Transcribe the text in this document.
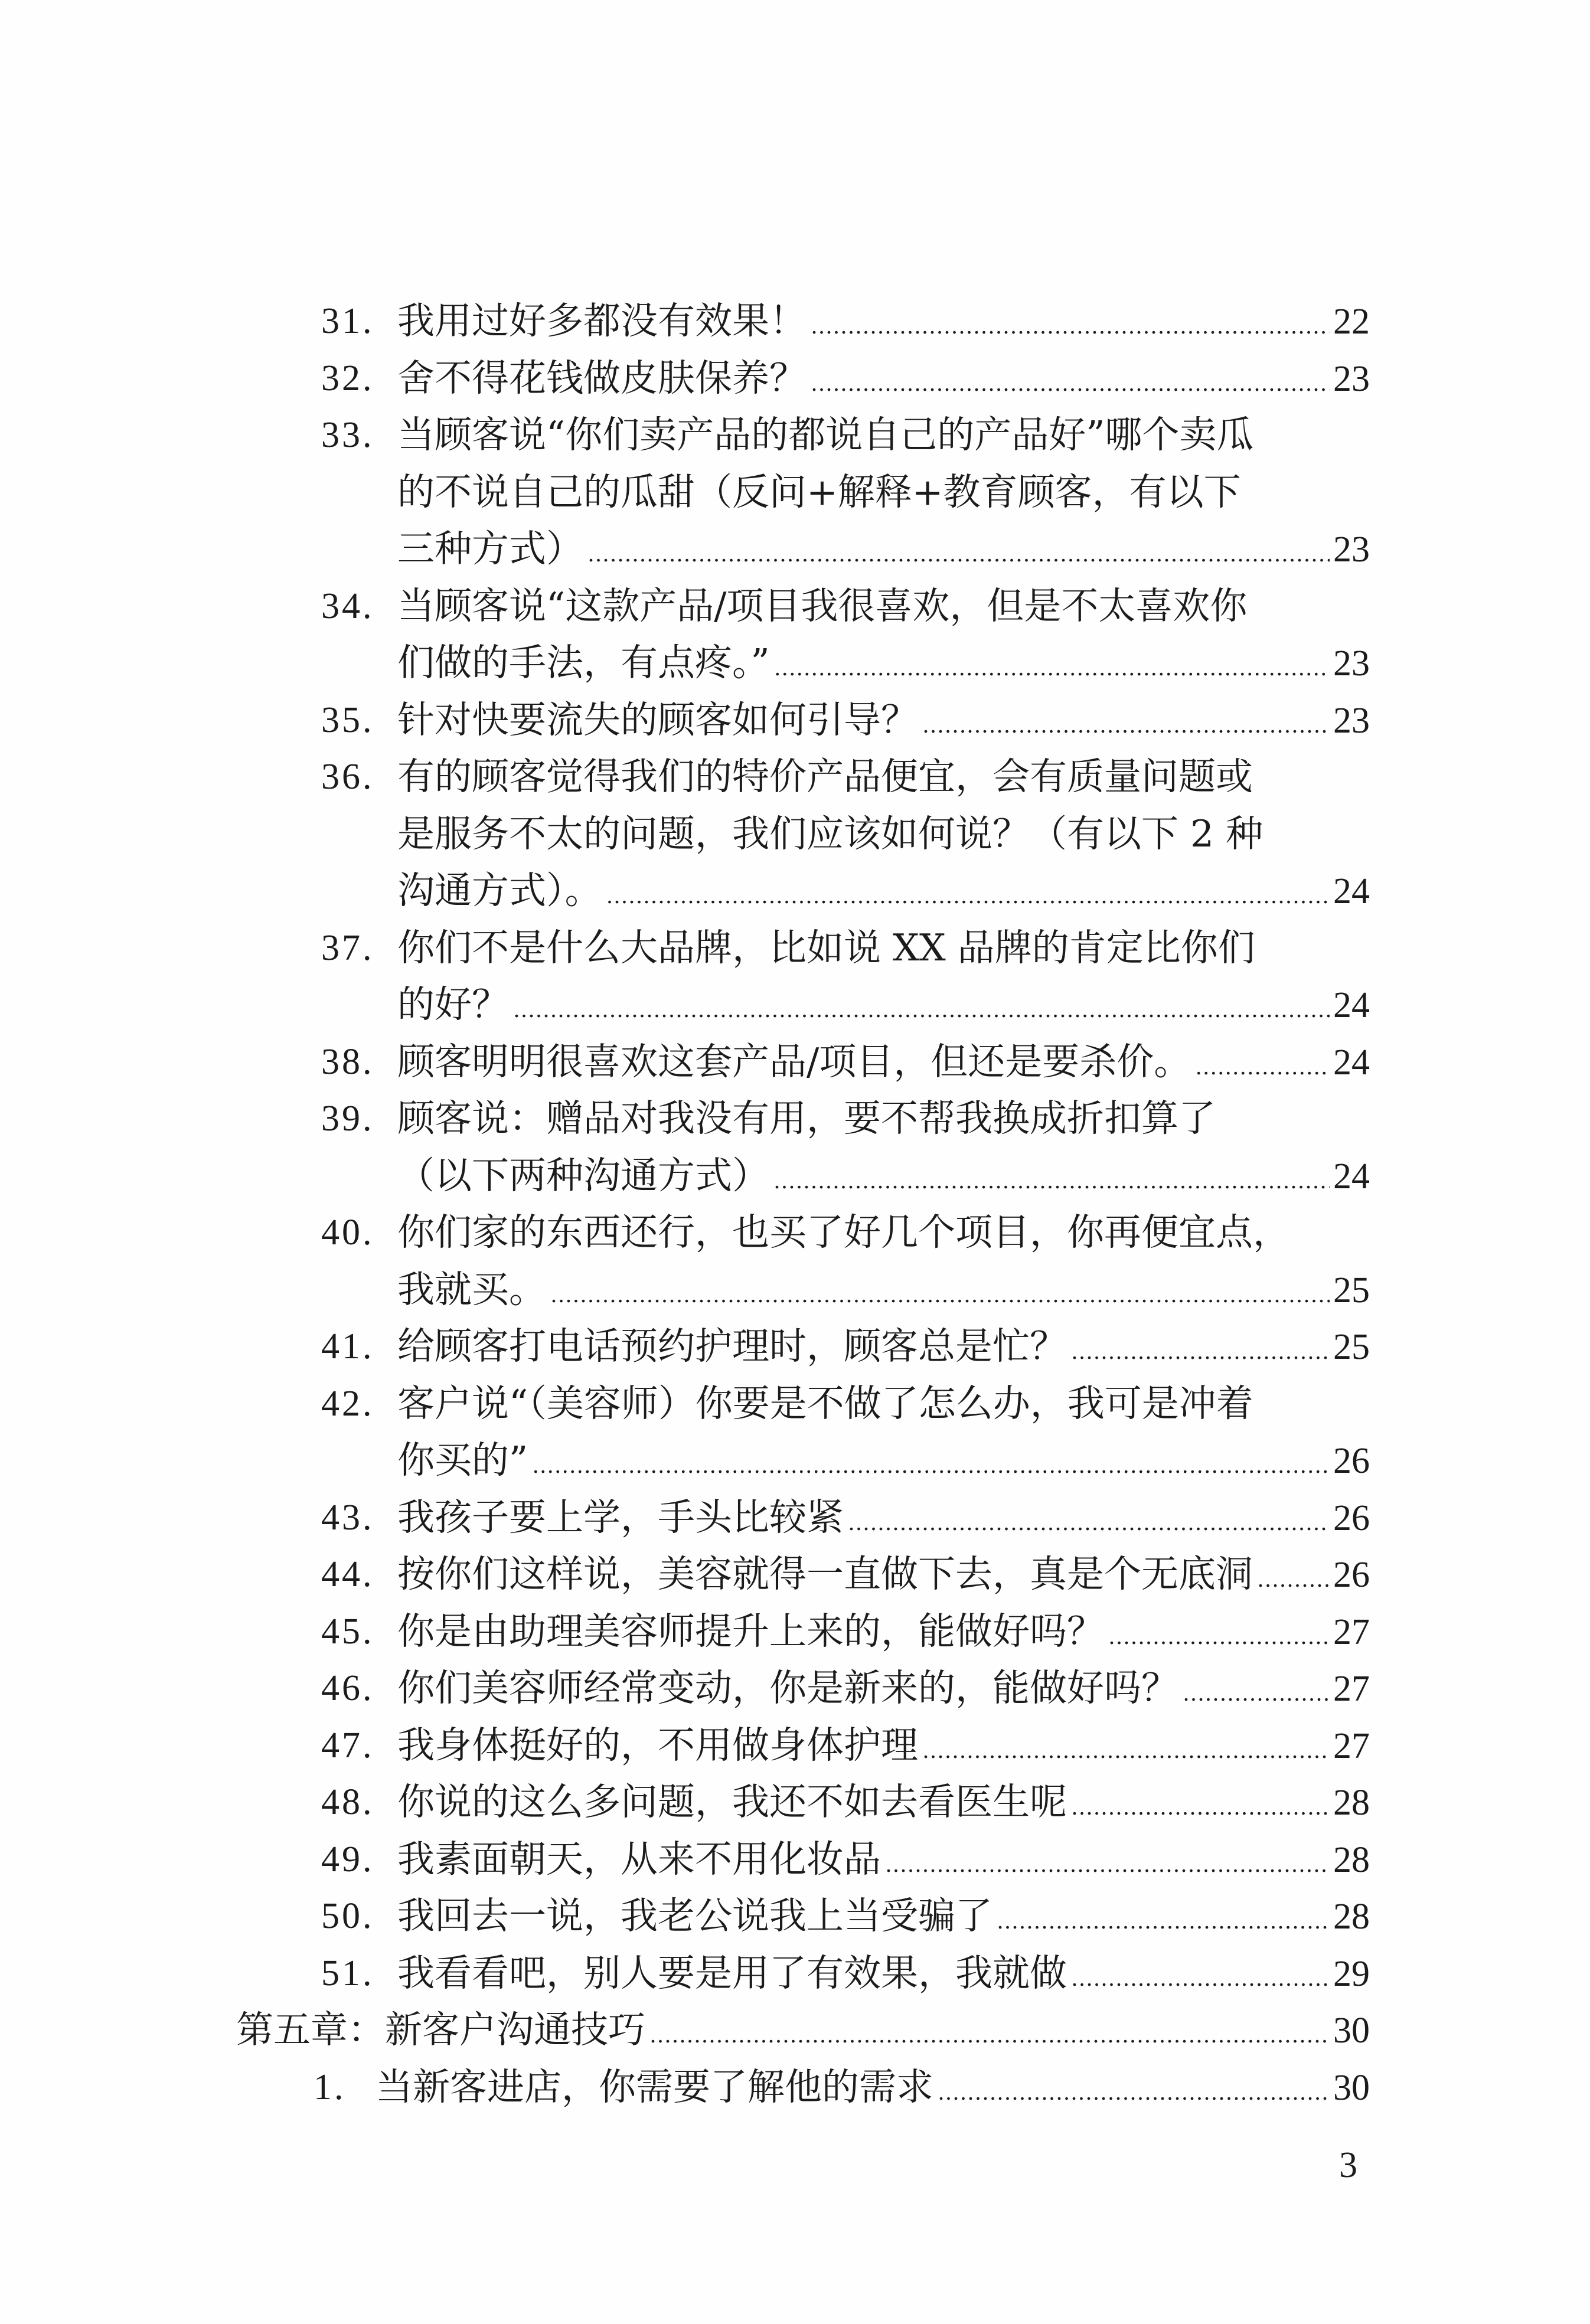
31. 我用过好多都没有效果！ .....	22
32. 舍不得花钱做皮肤保养？ .....	23
33. 当顾客说“你们卖产品的都说自己的产品好”哪个卖瓜
的不说自己的瓜甜（反问+解释+教育顾客，有以下
三种方式） .....	23
34. 当顾客说“这款产品/项目我很喜欢，但是不太喜欢你
们做的手法，有点疼。” .....	23
35. 针对快要流失的顾客如何引导？ .....	23
36. 有的顾客觉得我们的特价产品便宜，会有质量问题或
是服务不太的问题，我们应该如何说？（有以下 2 种
沟通方式）。 .....	24
37. 你们不是什么大品牌，比如说 XX 品牌的肯定比你们
的好？ .....	24
38. 顾客明明很喜欢这套产品/项目，但还是要杀价。 .....	24
39. 顾客说：赠品对我没有用，要不帮我换成折扣算了
（以下两种沟通方式） .....	24
40. 你们家的东西还行，也买了好几个项目，你再便宜点，
我就买。 .....	25
41. 给顾客打电话预约护理时，顾客总是忙？ .....	25
42. 客户说“（美容师）你要是不做了怎么办，我可是冲着
你买的” .....	26
43. 我孩子要上学，手头比较紧 .....	26
44. 按你们这样说，美容就得一直做下去，真是个无底洞 ..... 26
45. 你是由助理美容师提升上来的，能做好吗？ .....	27
46. 你们美容师经常变动，你是新来的，能做好吗？ .....	27
47. 我身体挺好的，不用做身体护理 .....	27
48. 你说的这么多问题，我还不如去看医生呢 .....	28
49. 我素面朝天，从来不用化妆品 .....	28
50. 我回去一说，我老公说我上当受骗了 .....	28
51. 我看看吧，别人要是用了有效果，我就做 .....	29
第五章： 新客户沟通技巧 .....	30
1. 当新客进店，你需要了解他的需求 .....	30
3
